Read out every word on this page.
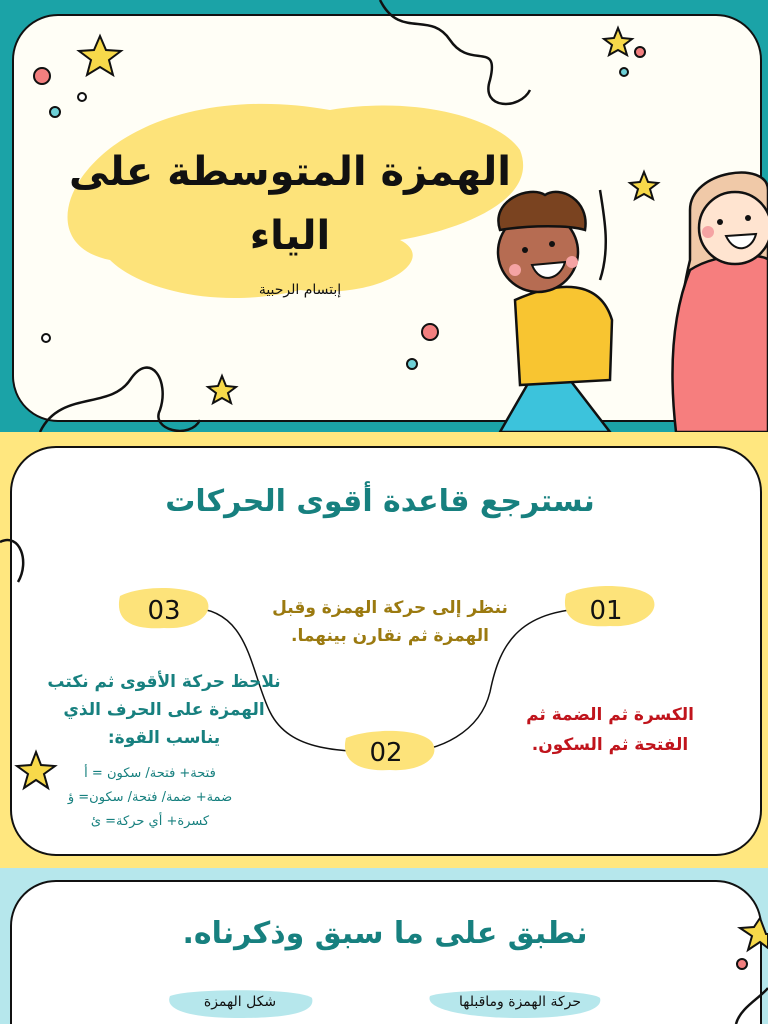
الهمزة المتوسطة على الياء
إبتسام الرحبية
نسترجع قاعدة أقوى الحركات
01
02
03
الكسرة ثم الضمة ثم الفتحة ثم السكون.
ننظر إلى حركة الهمزة وقبل الهمزة ثم نقارن بينهما.
نلاحظ حركة الأقوى ثم نكتب الهمزة على الحرف الذي يناسب القوة:
فتحة+ فتحة/ سكون = أ
ضمة+ ضمة/ فتحة/ سكون= ؤ
كسرة+ أي حركة= ئ
نطبق على ما سبق وذكرناه.
حركة الهمزة وماقبلها
شكل الهمزة
